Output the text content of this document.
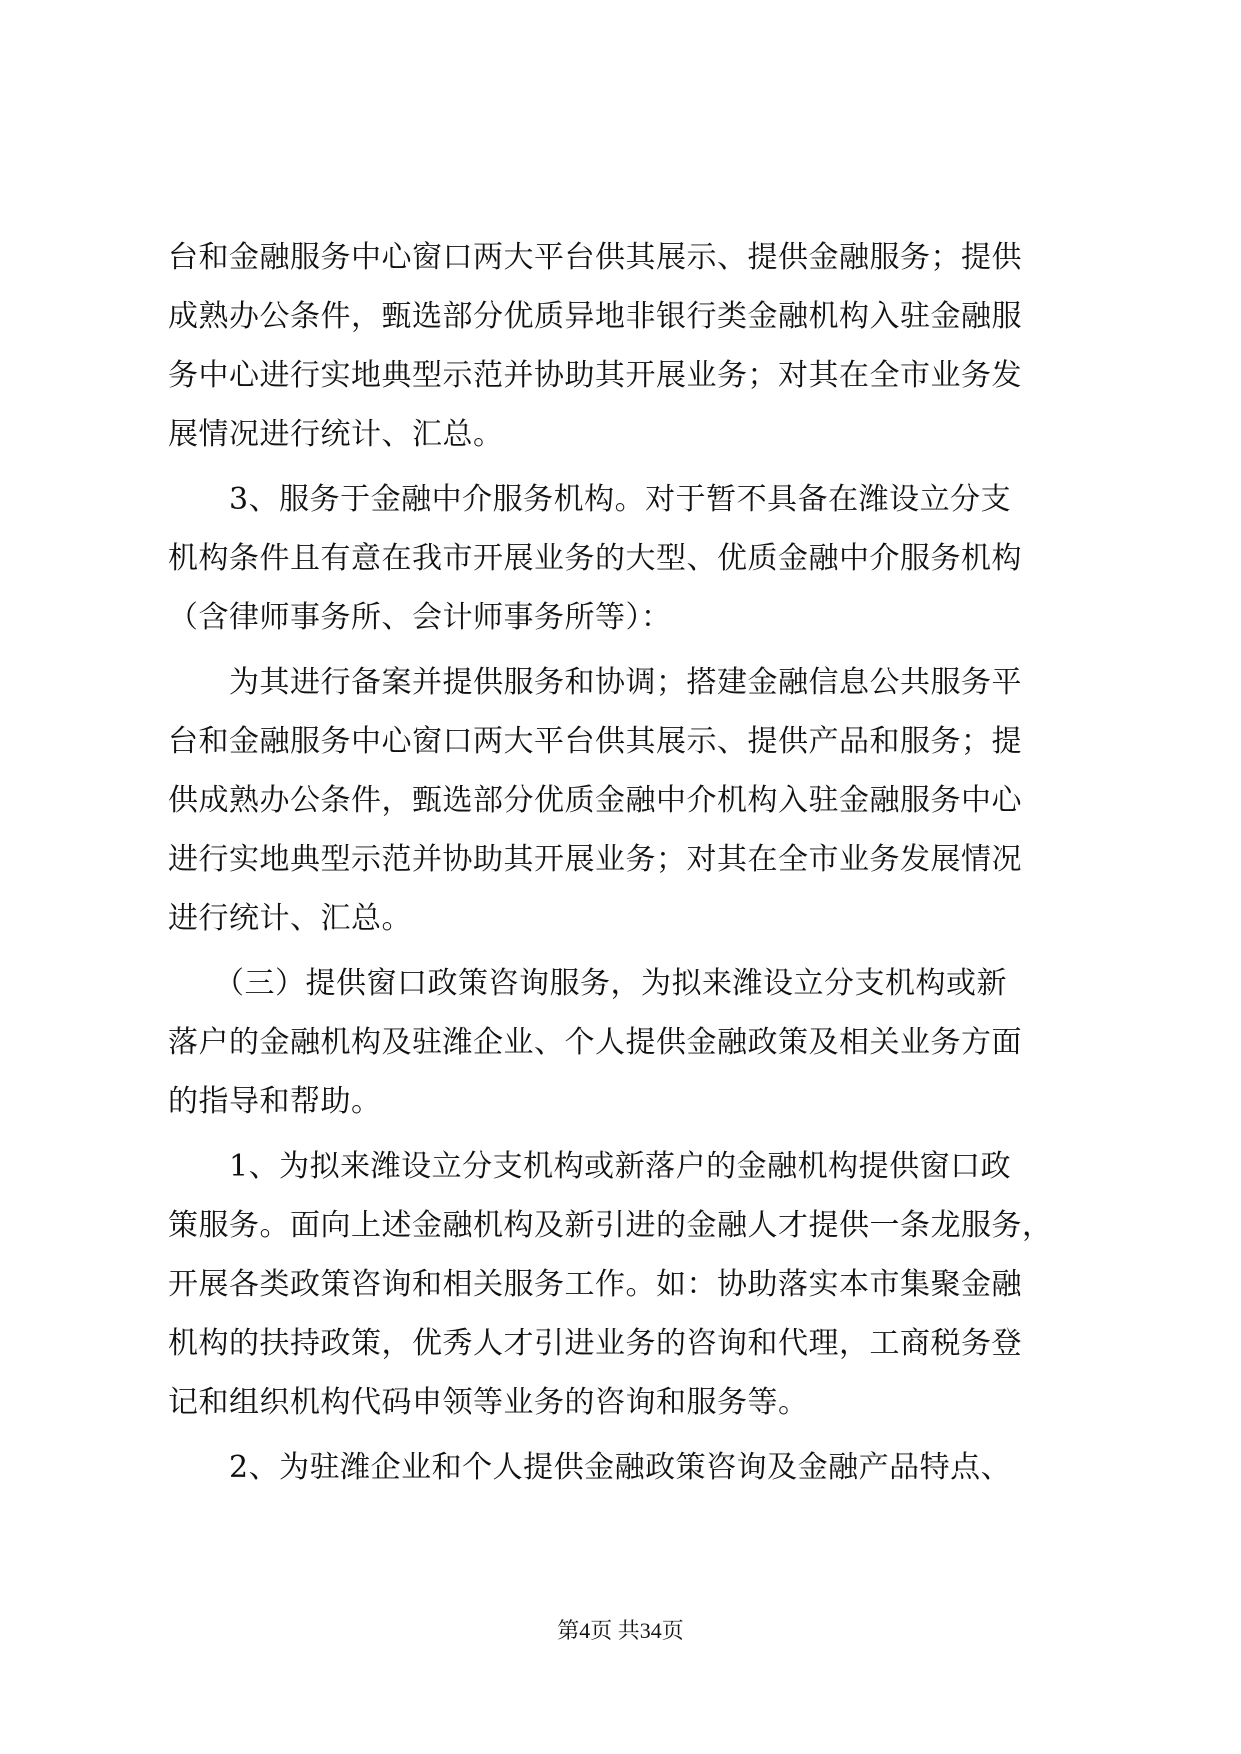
台和金融服务中心窗口两大平台供其展示、提供金融服务；提供
成熟办公条件，甄选部分优质异地非银行类金融机构入驻金融服
务中心进行实地典型示范并协助其开展业务；对其在全市业务发
展情况进行统计、汇总。
　　3、服务于金融中介服务机构。对于暂不具备在潍设立分支
机构条件且有意在我市开展业务的大型、优质金融中介服务机构
（含律师事务所、会计师事务所等）：
　　为其进行备案并提供服务和协调；搭建金融信息公共服务平
台和金融服务中心窗口两大平台供其展示、提供产品和服务；提
供成熟办公条件，甄选部分优质金融中介机构入驻金融服务中心
进行实地典型示范并协助其开展业务；对其在全市业务发展情况
进行统计、汇总。
　　（三）提供窗口政策咨询服务，为拟来潍设立分支机构或新
落户的金融机构及驻潍企业、个人提供金融政策及相关业务方面
的指导和帮助。
　　1、为拟来潍设立分支机构或新落户的金融机构提供窗口政
策服务。面向上述金融机构及新引进的金融人才提供一条龙服务，
开展各类政策咨询和相关服务工作。如：协助落实本市集聚金融
机构的扶持政策，优秀人才引进业务的咨询和代理，工商税务登
记和组织机构代码申领等业务的咨询和服务等。
　　2、为驻潍企业和个人提供金融政策咨询及金融产品特点、
第4页 共34页
